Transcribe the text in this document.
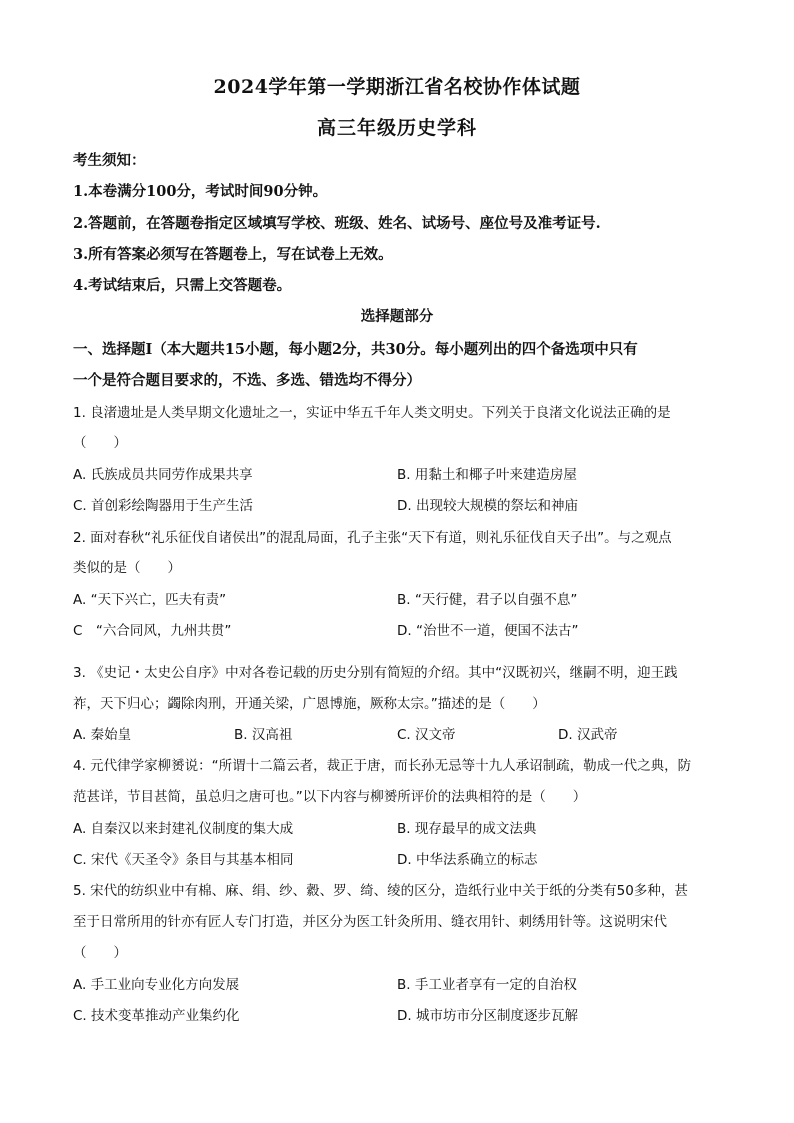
2024学年第一学期浙江省名校协作体试题
高三年级历史学科
考生须知：
1.本卷满分100分，考试时间90分钟。
2.答题前，在答题卷指定区域填写学校、班级、姓名、试场号、座位号及准考证号.
3.所有答案必须写在答题卷上，写在试卷上无效。
4.考试结束后，只需上交答题卷。
选择题部分
一、选择题Ⅰ（本大题共15小题，每小题2分，共30分。每小题列出的四个备选项中只有
一个是符合题目要求的，不选、多选、错选均不得分）
1. 良渚遗址是人类早期文化遗址之一，实证中华五千年人类文明史。下列关于良渚文化说法正确的是
（　　）
A. 氏族成员共同劳作成果共享	B. 用黏土和椰子叶来建造房屋
C. 首创彩绘陶器用于生产生活	D. 出现较大规模的祭坛和神庙
2. 面对春秋“礼乐征伐自诸侯出”的混乱局面，孔子主张“天下有道，则礼乐征伐自天子出”。与之观点
类似的是（　　）
A. “天下兴亡，匹夫有责”	B. “天行健，君子以自强不息”
C　“六合同风，九州共贯”	D. “治世不一道，便国不法古”
3. 《史记・太史公自序》中对各卷记载的历史分别有简短的介绍。其中“汉既初兴，继嗣不明，迎王践
祚，天下归心；蠲除肉刑，开通关梁，广恩博施，厥称太宗。”描述的是（　　）
A. 秦始皇	B. 汉高祖	C. 汉文帝	D. 汉武帝
4. 元代律学家柳赟说：“所谓十二篇云者，裁正于唐，而长孙无忌等十九人承诏制疏，勒成一代之典，防
范甚详，节目甚简，虽总归之唐可也。”以下内容与柳赟所评价的法典相符的是（　　）
A. 自秦汉以来封建礼仪制度的集大成	B. 现存最早的成文法典
C. 宋代《天圣令》条目与其基本相同	D. 中华法系确立的标志
5. 宋代的纺织业中有棉、麻、绢、纱、縠、罗、绮、绫的区分，造纸行业中关于纸的分类有50多种，甚
至于日常所用的针亦有匠人专门打造，并区分为医工针灸所用、缝衣用针、刺绣用针等。这说明宋代
（　　）
A. 手工业向专业化方向发展	B. 手工业者享有一定的自治权
C. 技术变革推动产业集约化	D. 城市坊市分区制度逐步瓦解
